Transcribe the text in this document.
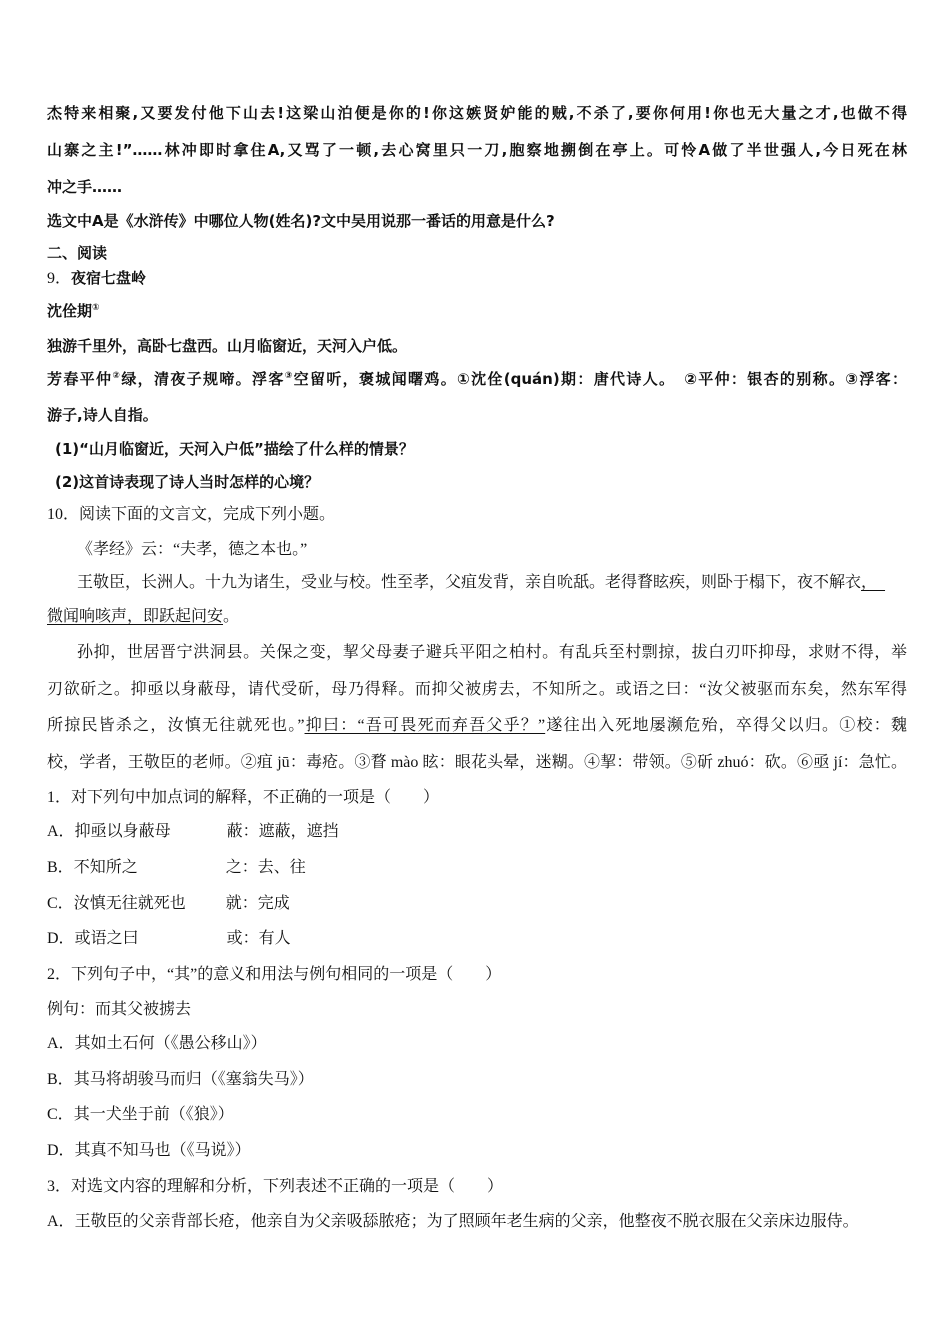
杰特来相聚,又要发付他下山去!这梁山泊便是你的!你这嫉贤妒能的贼,不杀了,要你何用!你也无大量之才,也做不得
山寨之主!”……林冲即时拿住A,又骂了一顿,去心窝里只一刀,胞察地搠倒在亭上。可怜A做了半世强人,今日死在林
冲之手……
选文中A是《水浒传》中哪位人物(姓名)?文中吴用说那一番话的用意是什么?
二、阅读
9．夜宿七盘岭
沈佺期①
独游千里外，高卧七盘西。山月临窗近，天河入户低。
芳春平仲②绿，清夜子规啼。浮客③空留听，褒城闻曙鸡。①沈佺(quán)期：唐代诗人。　②平仲：银杏的别称。③浮客：
游子,诗人自指。
(1)“山月临窗近，天河入户低”描绘了什么样的情景？
(2)这首诗表现了诗人当时怎样的心境？
10．阅读下面的文言文，完成下列小题。
《孝经》云：“夫孝，德之本也。”
王敬臣，长洲人。十九为诸生，受业与校。性至孝，父疽发背，亲自吮舐。老得瞀眩疾，则卧于榻下，夜不解衣，　
微闻响咳声，即跃起问安。
孙抑，世居晋宁洪洞县。关保之变，挈父母妻子避兵平阳之柏村。有乱兵至村剽掠，拔白刃吓抑母，求财不得，举
刃欲斫之。抑亟以身蔽母，请代受斫，母乃得释。而抑父被虏去，不知所之。或语之曰：“汝父被驱而东矣，然东军得
所掠民皆杀之，汝慎无往就死也。”抑曰：“吾可畏死而弃吾父乎？”遂往出入死地屡濒危殆，卒得父以归。①校：魏
校，学者，王敬臣的老师。②疽 jū：毒疮。③瞀 mào 眩：眼花头晕，迷糊。④挈：带领。⑤斫 zhuó：砍。⑥亟 jí：急忙。
1．对下列句中加点词的解释，不正确的一项是（　　）
A．抑亟以身蔽母	蔽：遮蔽，遮挡
B．不知所之	之：去、往
C．汝慎无往就死也 就：完成
D．或语之曰	或：有人
2．下列句子中，“其”的意义和用法与例句相同的一项是（　　）
例句：而其父被掳去
A．其如土石何（《愚公移山》）
B．其马将胡骏马而归（《塞翁失马》）
C．其一犬坐于前（《狼》）
D．其真不知马也（《马说》）
3．对选文内容的理解和分析，下列表述不正确的一项是（　　）
A．王敬臣的父亲背部长疮，他亲自为父亲吸舔脓疮；为了照顾年老生病的父亲，他整夜不脱衣服在父亲床边服侍。
